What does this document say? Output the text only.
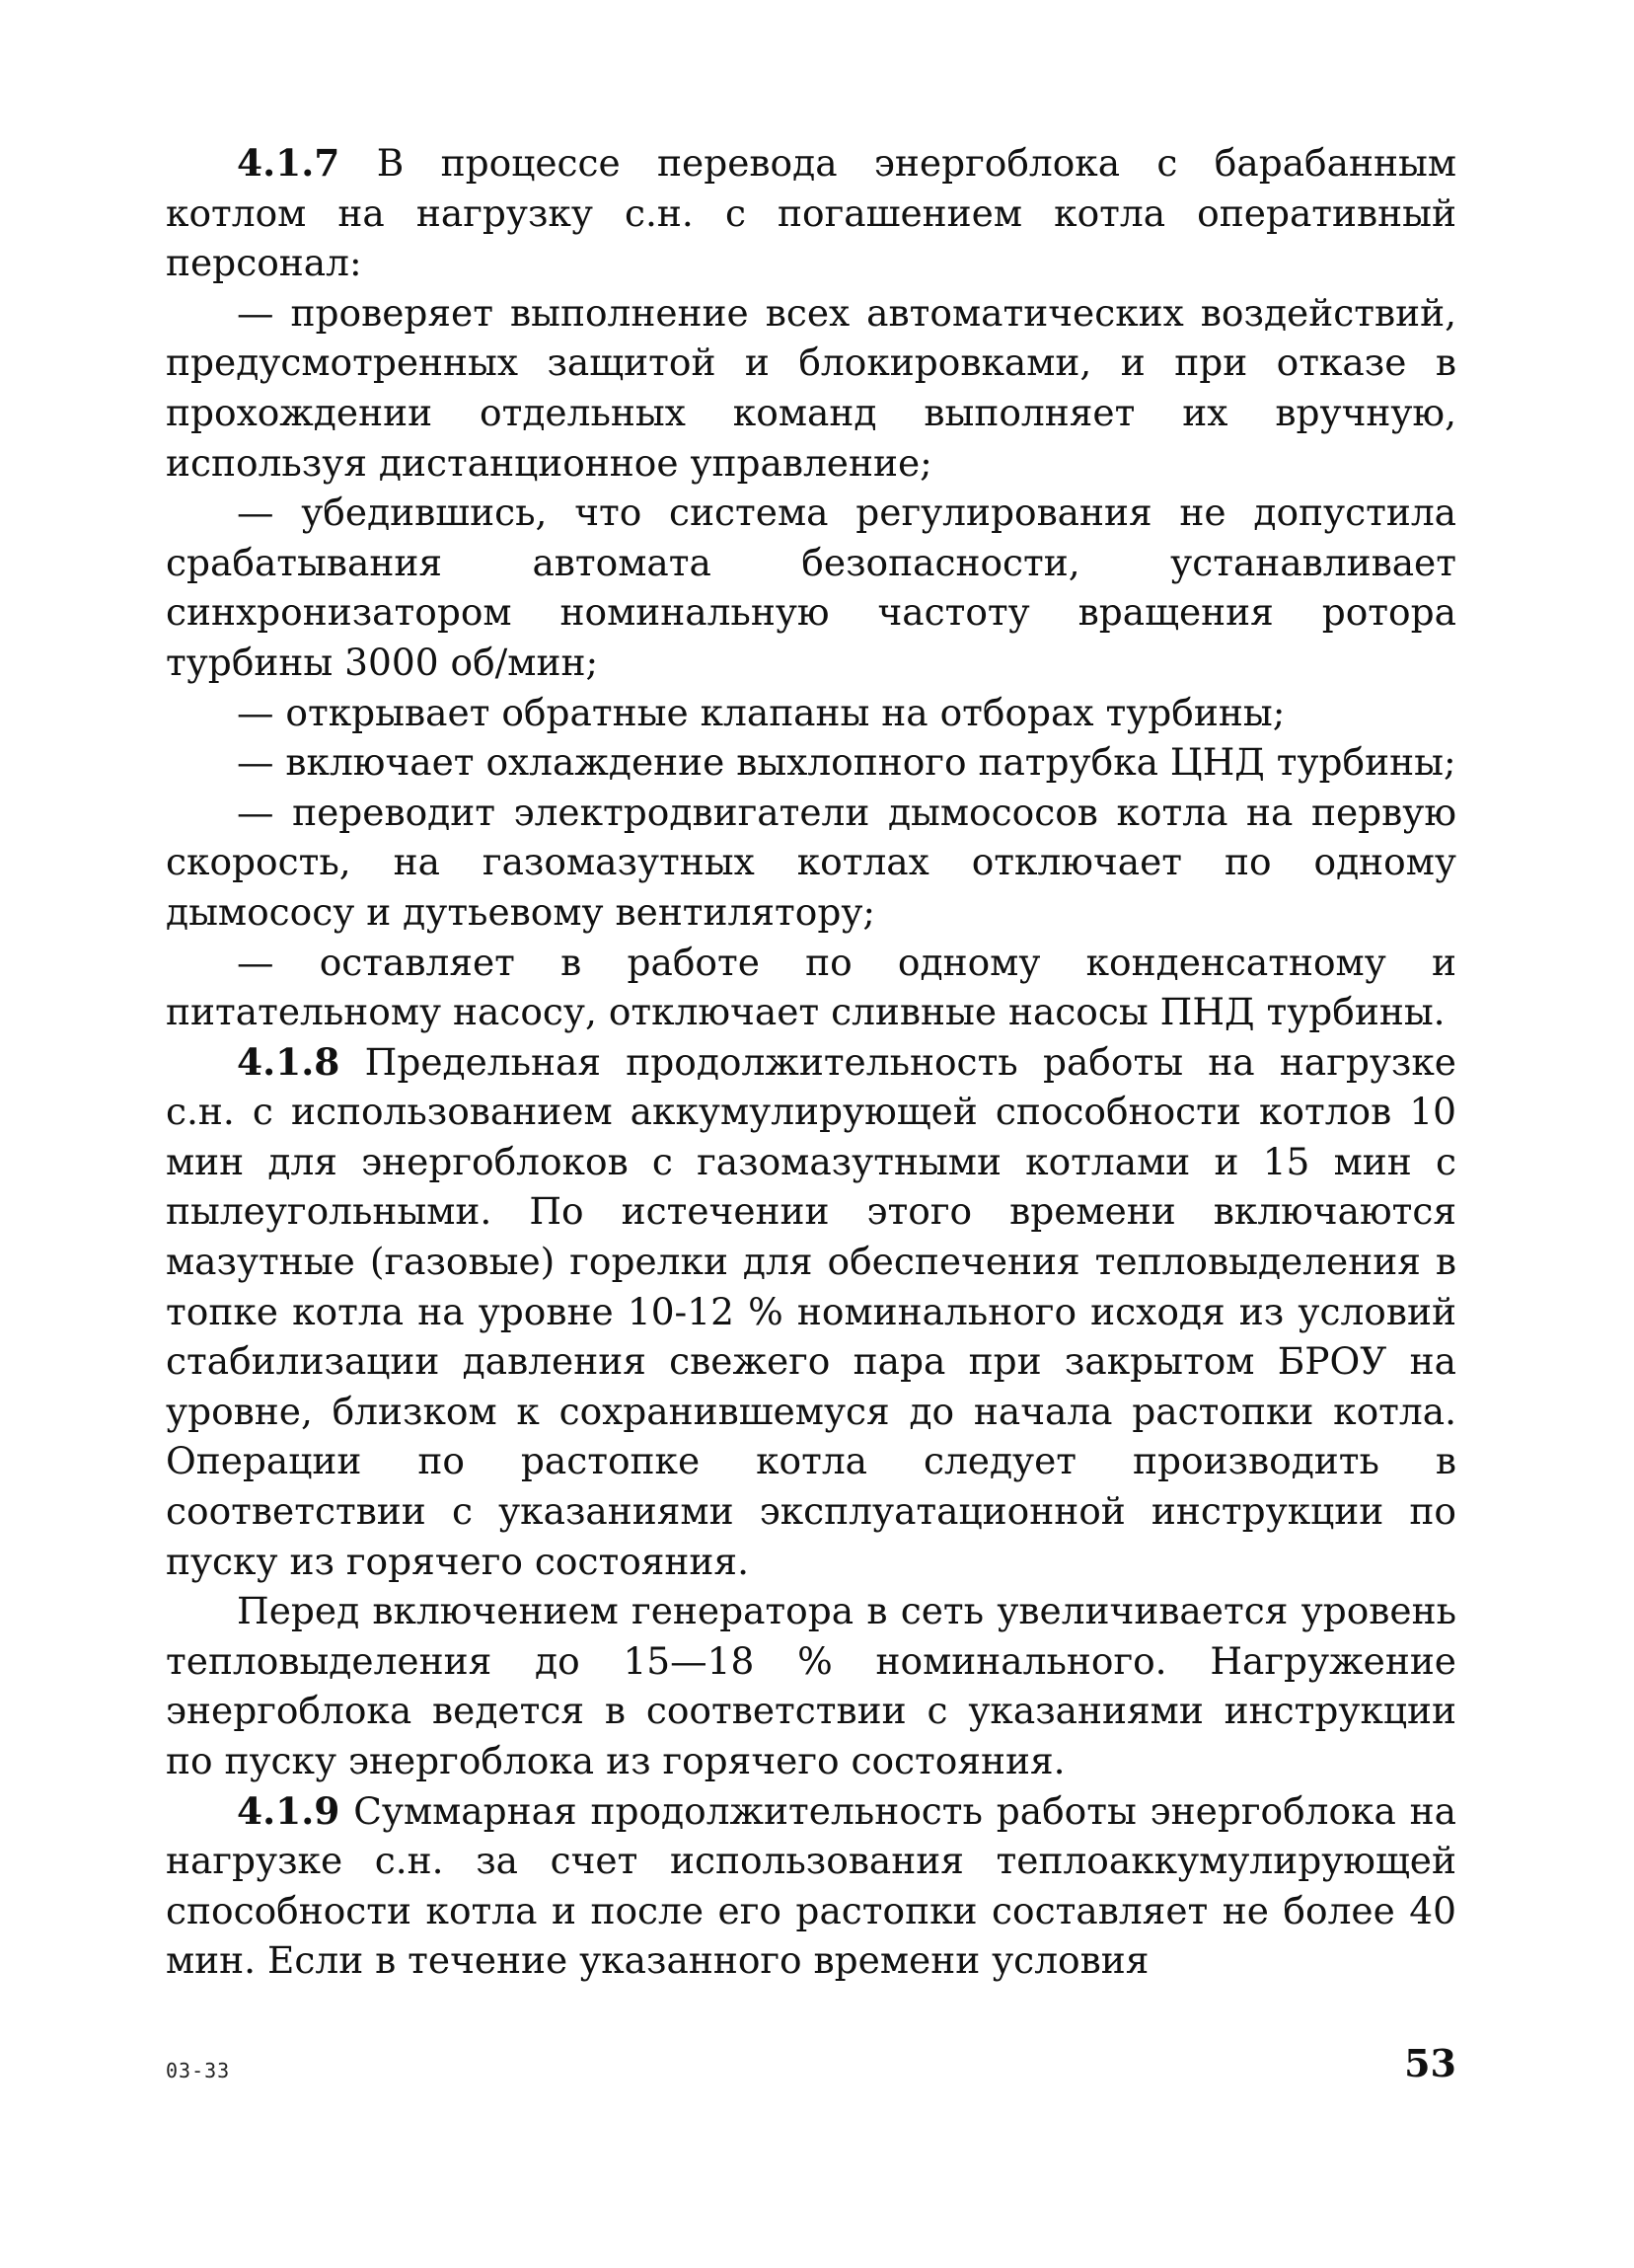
4.1.7 В процессе перевода энергоблока с барабанным котлом на нагрузку с.н. с погашением котла оперативный персонал:

— проверяет выполнение всех автоматических воздействий, предусмотренных защитой и блокировками, и при отказе в прохождении отдельных команд выполняет их вручную, используя дистанционное управление;

— убедившись, что система регулирования не допустила срабатывания автомата безопасности, устанавливает синхронизатором номинальную частоту вращения ротора турбины 3000 об/мин;

— открывает обратные клапаны на отборах турбины;

— включает охлаждение выхлопного патрубка ЦНД турбины;

— переводит электродвигатели дымососов котла на первую скорость, на газомазутных котлах отключает по одному дымососу и дутьевому вентилятору;

— оставляет в работе по одному конденсатному и питательному насосу, отключает сливные насосы ПНД турбины.

4.1.8 Предельная продолжительность работы на нагрузке с.н. с использованием аккумулирующей способности котлов 10 мин для энергоблоков с газомазутными котлами и 15 мин с пылеугольными. По истечении этого времени включаются мазутные (газовые) горелки для обеспечения тепловыделения в топке котла на уровне 10-12 % номинального исходя из условий стабилизации давления свежего пара при закрытом БРОУ на уровне, близком к сохранившемуся до начала растопки котла. Операции по растопке котла следует производить в соответствии с указаниями эксплуатационной инструкции по пуску из горячего состояния.

Перед включением генератора в сеть увеличивается уровень тепловыделения до 15—18 % номинального. Нагружение энергоблока ведется в соответствии с указаниями инструкции по пуску энергоблока из горячего состояния.

4.1.9 Суммарная продолжительность работы энергоблока на нагрузке с.н. за счет использования теплоаккумулирующей способности котла и после его растопки составляет не более 40 мин. Если в течение указанного времени условия

03-33	53
